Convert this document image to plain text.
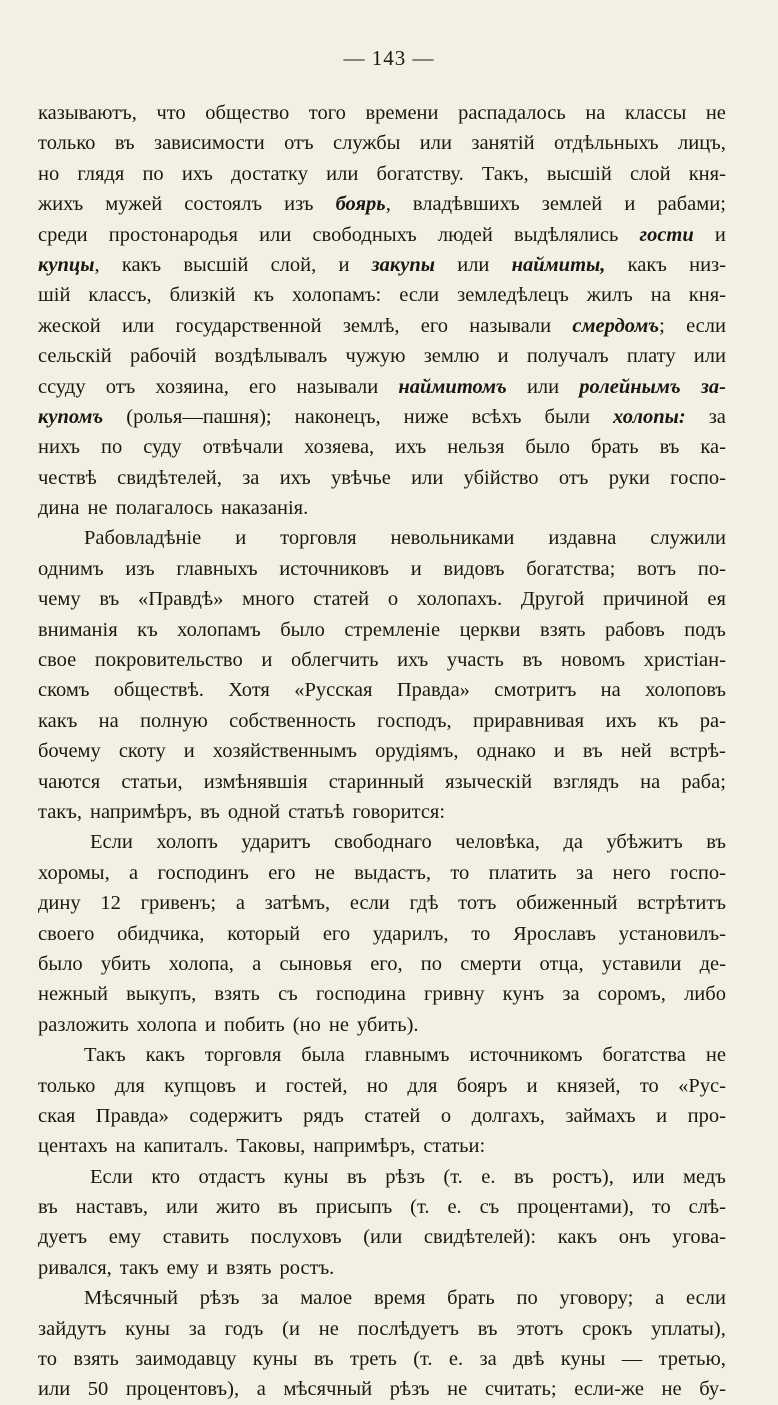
— 143 —
казываютъ, что общество того времени распадалось на классы не
только въ зависимости отъ службы или занятій отдѣльныхъ лицъ,
но глядя по ихъ достатку или богатству. Такъ, высшій слой кня-
жихъ мужей состоялъ изъ боярь, владѣвшихъ землей и рабами;
среди простонародья или свободныхъ людей выдѣлялись гости и
купцы, какъ высшій слой, и закупы или наймиты, какъ низ-
шій классъ, близкій къ холопамъ: если земледѣлецъ жилъ на кня-
жеской или государственной землѣ, его называли смердомъ; если
сельскій рабочій воздѣлывалъ чужую землю и получалъ плату или
ссуду отъ хозяина, его называли наймитомъ или ролейнымъ за-
купомъ (ролья—пашня); наконецъ, ниже всѣхъ были холопы: за
нихъ по суду отвѣчали хозяева, ихъ нельзя было брать въ ка-
чествѣ свидѣтелей, за ихъ увѣчье или убійство отъ руки госпо-
дина не полагалось наказанія.
Рабовладѣніе и торговля невольниками издавна служили
однимъ изъ главныхъ источниковъ и видовъ богатства; вотъ по-
чему въ «Правдѣ» много статей о холопахъ. Другой причиной ея
вниманія къ холопамъ было стремленіе церкви взять рабовъ подъ
свое покровительство и облегчить ихъ участь въ новомъ христіан-
скомъ обществѣ. Хотя «Русская Правда» смотритъ на холоповъ
какъ на полную собственность господъ, приравнивая ихъ къ ра-
бочему скоту и хозяйственнымъ орудіямъ, однако и въ ней встрѣ-
чаются статьи, измѣнявшія старинный языческій взглядъ на раба;
такъ, напримѣръ, въ одной статьѣ говорится:
Если холопъ ударитъ свободнаго человѣка, да убѣжитъ въ
хоромы, а господинъ его не выдастъ, то платить за него госпо-
дину 12 гривенъ; а затѣмъ, если гдѣ тотъ обиженный встрѣтитъ
своего обидчика, который его ударилъ, то Ярославъ установилъ-
было убить холопа, а сыновья его, по смерти отца, уставили де-
нежный выкупъ, взять съ господина гривну кунъ за соромъ, либо
разложить холопа и побить (но не убить).
Такъ какъ торговля была главнымъ источникомъ богатства не
только для купцовъ и гостей, но для бояръ и князей, то «Рус-
ская Правда» содержитъ рядъ статей о долгахъ, займахъ и про-
центахъ на капиталъ. Таковы, напримѣръ, статьи:
Если кто отдастъ куны въ рѣзъ (т. е. въ ростъ), или медъ
въ наставъ, или жито въ присыпъ (т. е. съ процентами), то слѣ-
дуетъ ему ставить послуховъ (или свидѣтелей): какъ онъ угова-
ривался, такъ ему и взять ростъ.
Мѣсячный рѣзъ за малое время брать по уговору; а если
зайдутъ куны за годъ (и не послѣдуетъ въ этотъ срокъ уплаты),
то взять заимодавцу куны въ треть (т. е. за двѣ куны — третью,
или 50 процентовъ), а мѣсячный рѣзъ не считать; если-же не бу-
